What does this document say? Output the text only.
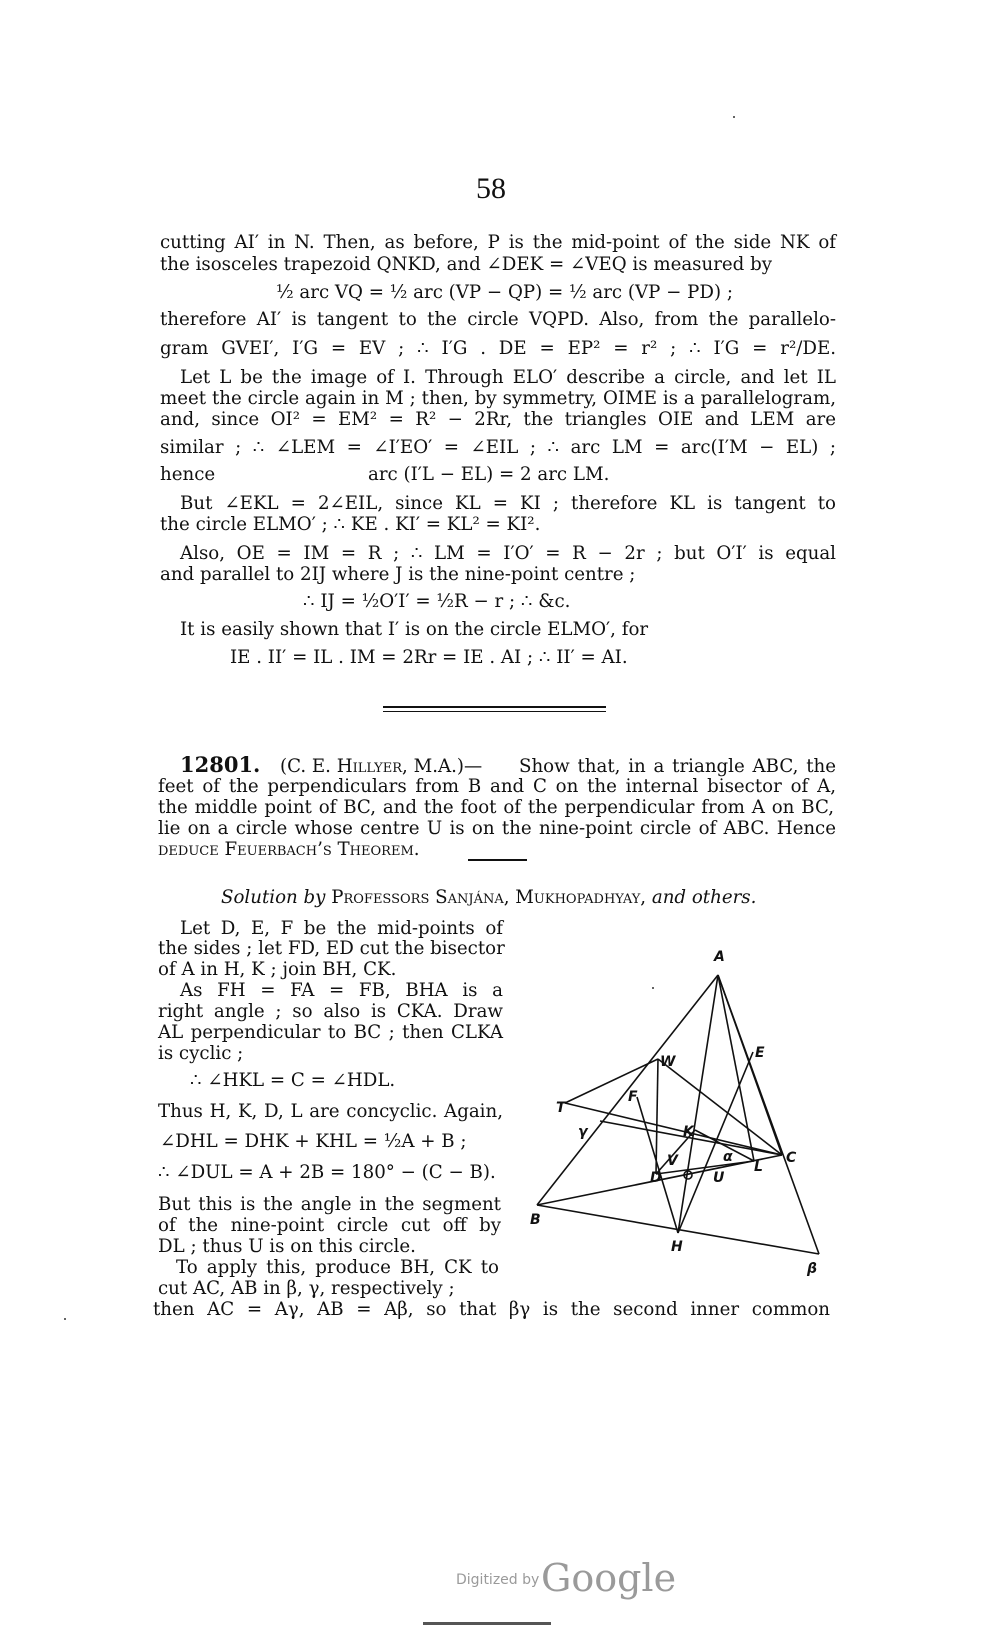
58
cutting AI′ in N. Then, as before, P is the mid-point of the side NK of
the isosceles trapezoid QNKD, and ∠DEK = ∠VEQ is measured by
½ arc VQ = ½ arc (VP − QP) = ½ arc (VP − PD) ;
therefore AI′ is tangent to the circle VQPD. Also, from the parallelo-
gram GVEI′, I′G = EV ; ∴ I′G . DE = EP² = r² ; ∴ I′G = r²/DE.
Let L be the image of I. Through ELO′ describe a circle, and let IL
meet the circle again in M ; then, by symmetry, OIME is a parallelogram,
and, since OI² = EM² = R² − 2Rr, the triangles OIE and LEM are
similar ; ∴ ∠LEM = ∠I′EO′ = ∠EIL ; ∴ arc LM = arc(I′M − EL) ;
hence	arc (I′L − EL) = 2 arc LM.
But ∠EKL = 2∠EIL, since KL = KI ; therefore KL is tangent to
the circle ELMO′ ; ∴ KE . KI′ = KL² = KI².
Also, OE = IM = R ; ∴ LM = I′O′ = R − 2r ; but O′I′ is equal
and parallel to 2IJ where J is the nine-point centre ;
∴ IJ = ½O′I′ = ½R − r ; ∴ &c.
It is easily shown that I′ is on the circle ELMO′, for
IE . II′ = IL . IM = 2Rr = IE . AI ; ∴ II′ = AI.
12801. (C. E. Hillyer, M.A.)— Show that, in a triangle ABC, the
feet of the perpendiculars from B and C on the internal bisector of A,
the middle point of BC, and the foot of the perpendicular from A on BC,
lie on a circle whose centre U is on the nine-point circle of ABC. Hence
deduce Feuerbach’s Theorem.
Solution by Professors Sanjána, Mukhopadhyay, and others.
Let D, E, F be the mid-points of
the sides ; let FD, ED cut the bisector
of A in H, K ; join BH, CK.
As FH = FA = FB, BHA is a
right angle ; so also is CKA. Draw
AL perpendicular to BC ; then CLKA
is cyclic ;
∴ ∠HKL = C = ∠HDL.
Thus H, K, D, L are concyclic. Again,
∠DHL = DHK + KHL = ½A + B ;
∴ ∠DUL = A + 2B = 180° − (C − B).
But this is the angle in the segment
of the nine-point circle cut off by
DL ; thus U is on this circle.
To apply this, produce BH, CK to
cut AC, AB in β, γ, respectively ;
then AC = Aγ, AB = Aβ, so that βγ is the second inner common
A
E
W
F
T
γ	K
C
V	α
D	U
L
B
H
β
Digitized by Google
